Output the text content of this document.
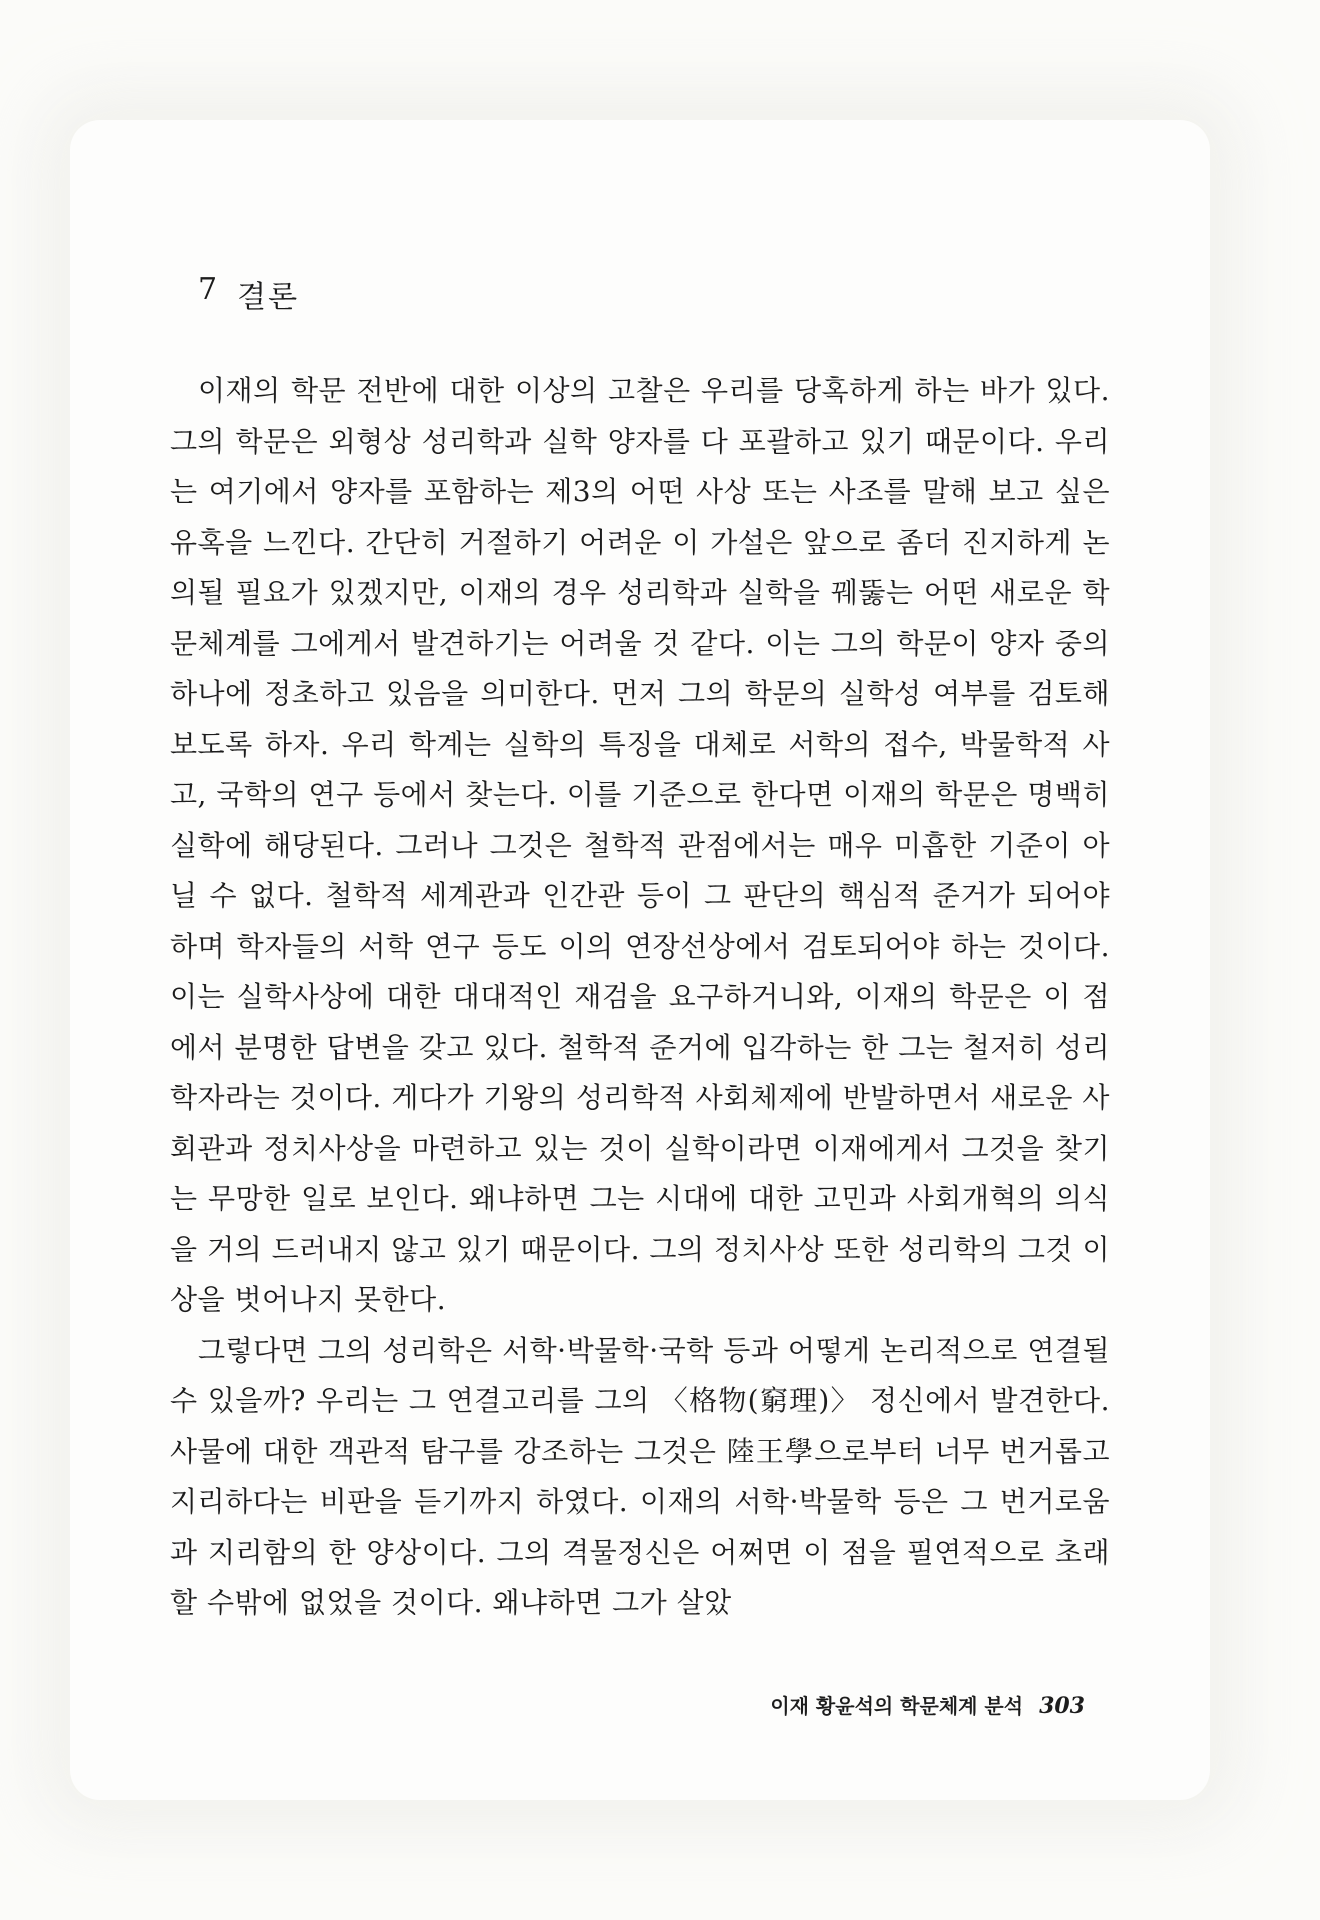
7 결론

이재의 학문 전반에 대한 이상의 고찰은 우리를 당혹하게 하는 바가 있다. 그의 학문은 외형상 성리학과 실학 양자를 다 포괄하고 있기 때문이다. 우리는 여기에서 양자를 포함하는 제3의 어떤 사상 또는 사조를 말해 보고 싶은 유혹을 느낀다. 간단히 거절하기 어려운 이 가설은 앞으로 좀더 진지하게 논의될 필요가 있겠지만, 이재의 경우 성리학과 실학을 꿰뚫는 어떤 새로운 학문체계를 그에게서 발견하기는 어려울 것 같다. 이는 그의 학문이 양자 중의 하나에 정초하고 있음을 의미한다. 먼저 그의 학문의 실학성 여부를 검토해 보도록 하자. 우리 학계는 실학의 특징을 대체로 서학의 접수, 박물학적 사고, 국학의 연구 등에서 찾는다. 이를 기준으로 한다면 이재의 학문은 명백히 실학에 해당된다. 그러나 그것은 철학적 관점에서는 매우 미흡한 기준이 아닐 수 없다. 철학적 세계관과 인간관 등이 그 판단의 핵심적 준거가 되어야 하며 학자들의 서학 연구 등도 이의 연장선상에서 검토되어야 하는 것이다. 이는 실학사상에 대한 대대적인 재검을 요구하거니와, 이재의 학문은 이 점에서 분명한 답변을 갖고 있다. 철학적 준거에 입각하는 한 그는 철저히 성리학자라는 것이다. 게다가 기왕의 성리학적 사회체제에 반발하면서 새로운 사회관과 정치사상을 마련하고 있는 것이 실학이라면 이재에게서 그것을 찾기는 무망한 일로 보인다. 왜냐하면 그는 시대에 대한 고민과 사회개혁의 의식을 거의 드러내지 않고 있기 때문이다. 그의 정치사상 또한 성리학의 그것 이상을 벗어나지 못한다.

그렇다면 그의 성리학은 서학·박물학·국학 등과 어떻게 논리적으로 연결될 수 있을까? 우리는 그 연결고리를 그의 〈格物(窮理)〉 정신에서 발견한다. 사물에 대한 객관적 탐구를 강조하는 그것은 陸王學으로부터 너무 번거롭고 지리하다는 비판을 듣기까지 하였다. 이재의 서학·박물학 등은 그 번거로움과 지리함의 한 양상이다. 그의 격물정신은 어쩌면 이 점을 필연적으로 초래할 수밖에 없었을 것이다. 왜냐하면 그가 살았

이재 황윤석의 학문체계 분석 303
